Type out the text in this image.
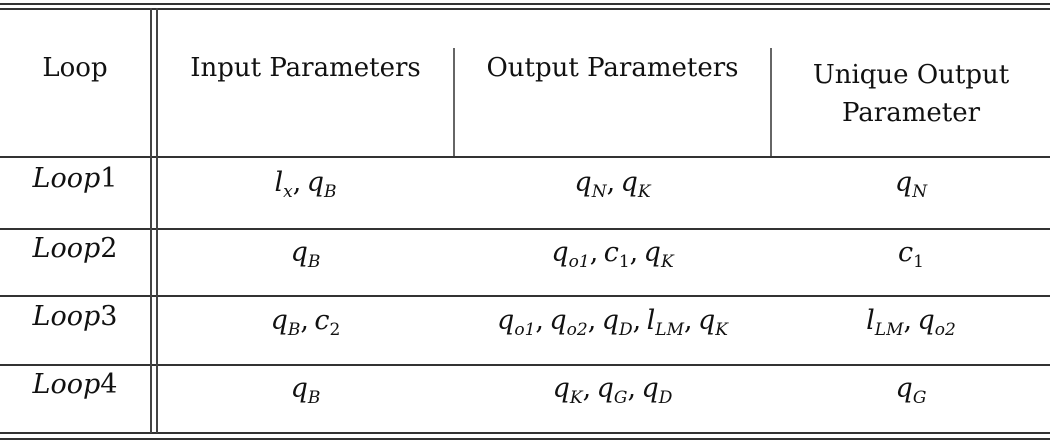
Loop	Input Parameters	Output Parameters	Unique Output
Parameter
Loop 1	$l_x$ ,  $q_B$	$q_N$ ,  $q_K$	$q_N$
Loop 2	$q_B$	$q_{o1}$ ,  $c_1$ ,  $q_K$	$c_1$
Loop 3	$q_B$ ,  $c_2$	$q_{o1}$ ,  $q_{o2}$ ,  $q_D$ ,  $l_{LM}$ ,  $q_K$	$l_{LM}$ ,  $q_{o2}$
Loop 4	$q_B$	$q_K$ ,  $q_G$ ,  $q_D$	$q_G$
